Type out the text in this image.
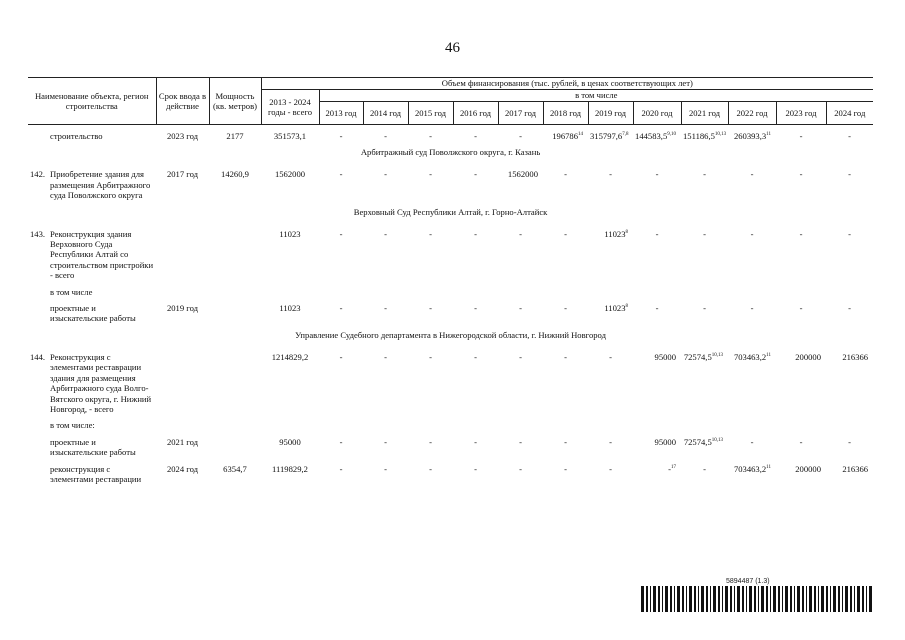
46
Наименование объекта, регион строительства		Срок ввода в действие	Мощность (кв. метров)	Объем финансирования (тыс. рублей, в ценах соответствующих лет)												
				2013 - 2024 годы - всего	в том числе											
					2013 год	2014 год	2015 год	2016 год	2017 год	2018 год	2019 год	2020 год	2021 год	2022 год	2023 год	2024 год

	строительство	2023 год	2177	351573,1	-	-	-	-	-	196786$^{14}$	315797,6$^{7,8}$	144583,5$^{9,10}$	151186,5$^{10,13}$	260393,3$^{11}$	-	-

Арбитражный суд Поволжского округа, г. Казань																

142.	Приобретение здания для размещения Арбитражного суда Поволжского округа	2017 год	14260,9	1562000	-	-	-	-	1562000	-	-	-	-	-	-	-

Верховный Суд Республики Алтай, г. Горно-Алтайск																

143.	Реконструкция здания Верховного Суда Республики Алтай со строительством пристройки - всего			11023	-	-	-	-	-	-	11023$^8$	-	-	-	-	-

	в том числе															

	проектные и изыскательские работы	2019 год		11023	-	-	-	-	-	-	11023$^8$	-	-	-	-	-

Управление Судебного департамента в Нижегородской области, г. Нижний Новгород																

144.	Реконструкция с элементами реставрации здания для размещения Арбитражного суда Волго-Вятского округа, г. Нижний Новгород, - всего			1214829,2	-	-	-	-	-	-	-	95000	72574,5$^{10,13}$	703463,2$^{11}$	200000	216366

	в том числе:															

	проектные и изыскательские работы	2021 год		95000	-	-	-	-	-	-	-	95000	72574,5$^{10,13}$	-	-	-

	реконструкция с элементами реставрации	2024 год	6354,7	1119829,2	-	-	-	-	-	-	-	-$^{17}$	-	703463,2$^{11}$	200000	216366

5894487 (1.3)
